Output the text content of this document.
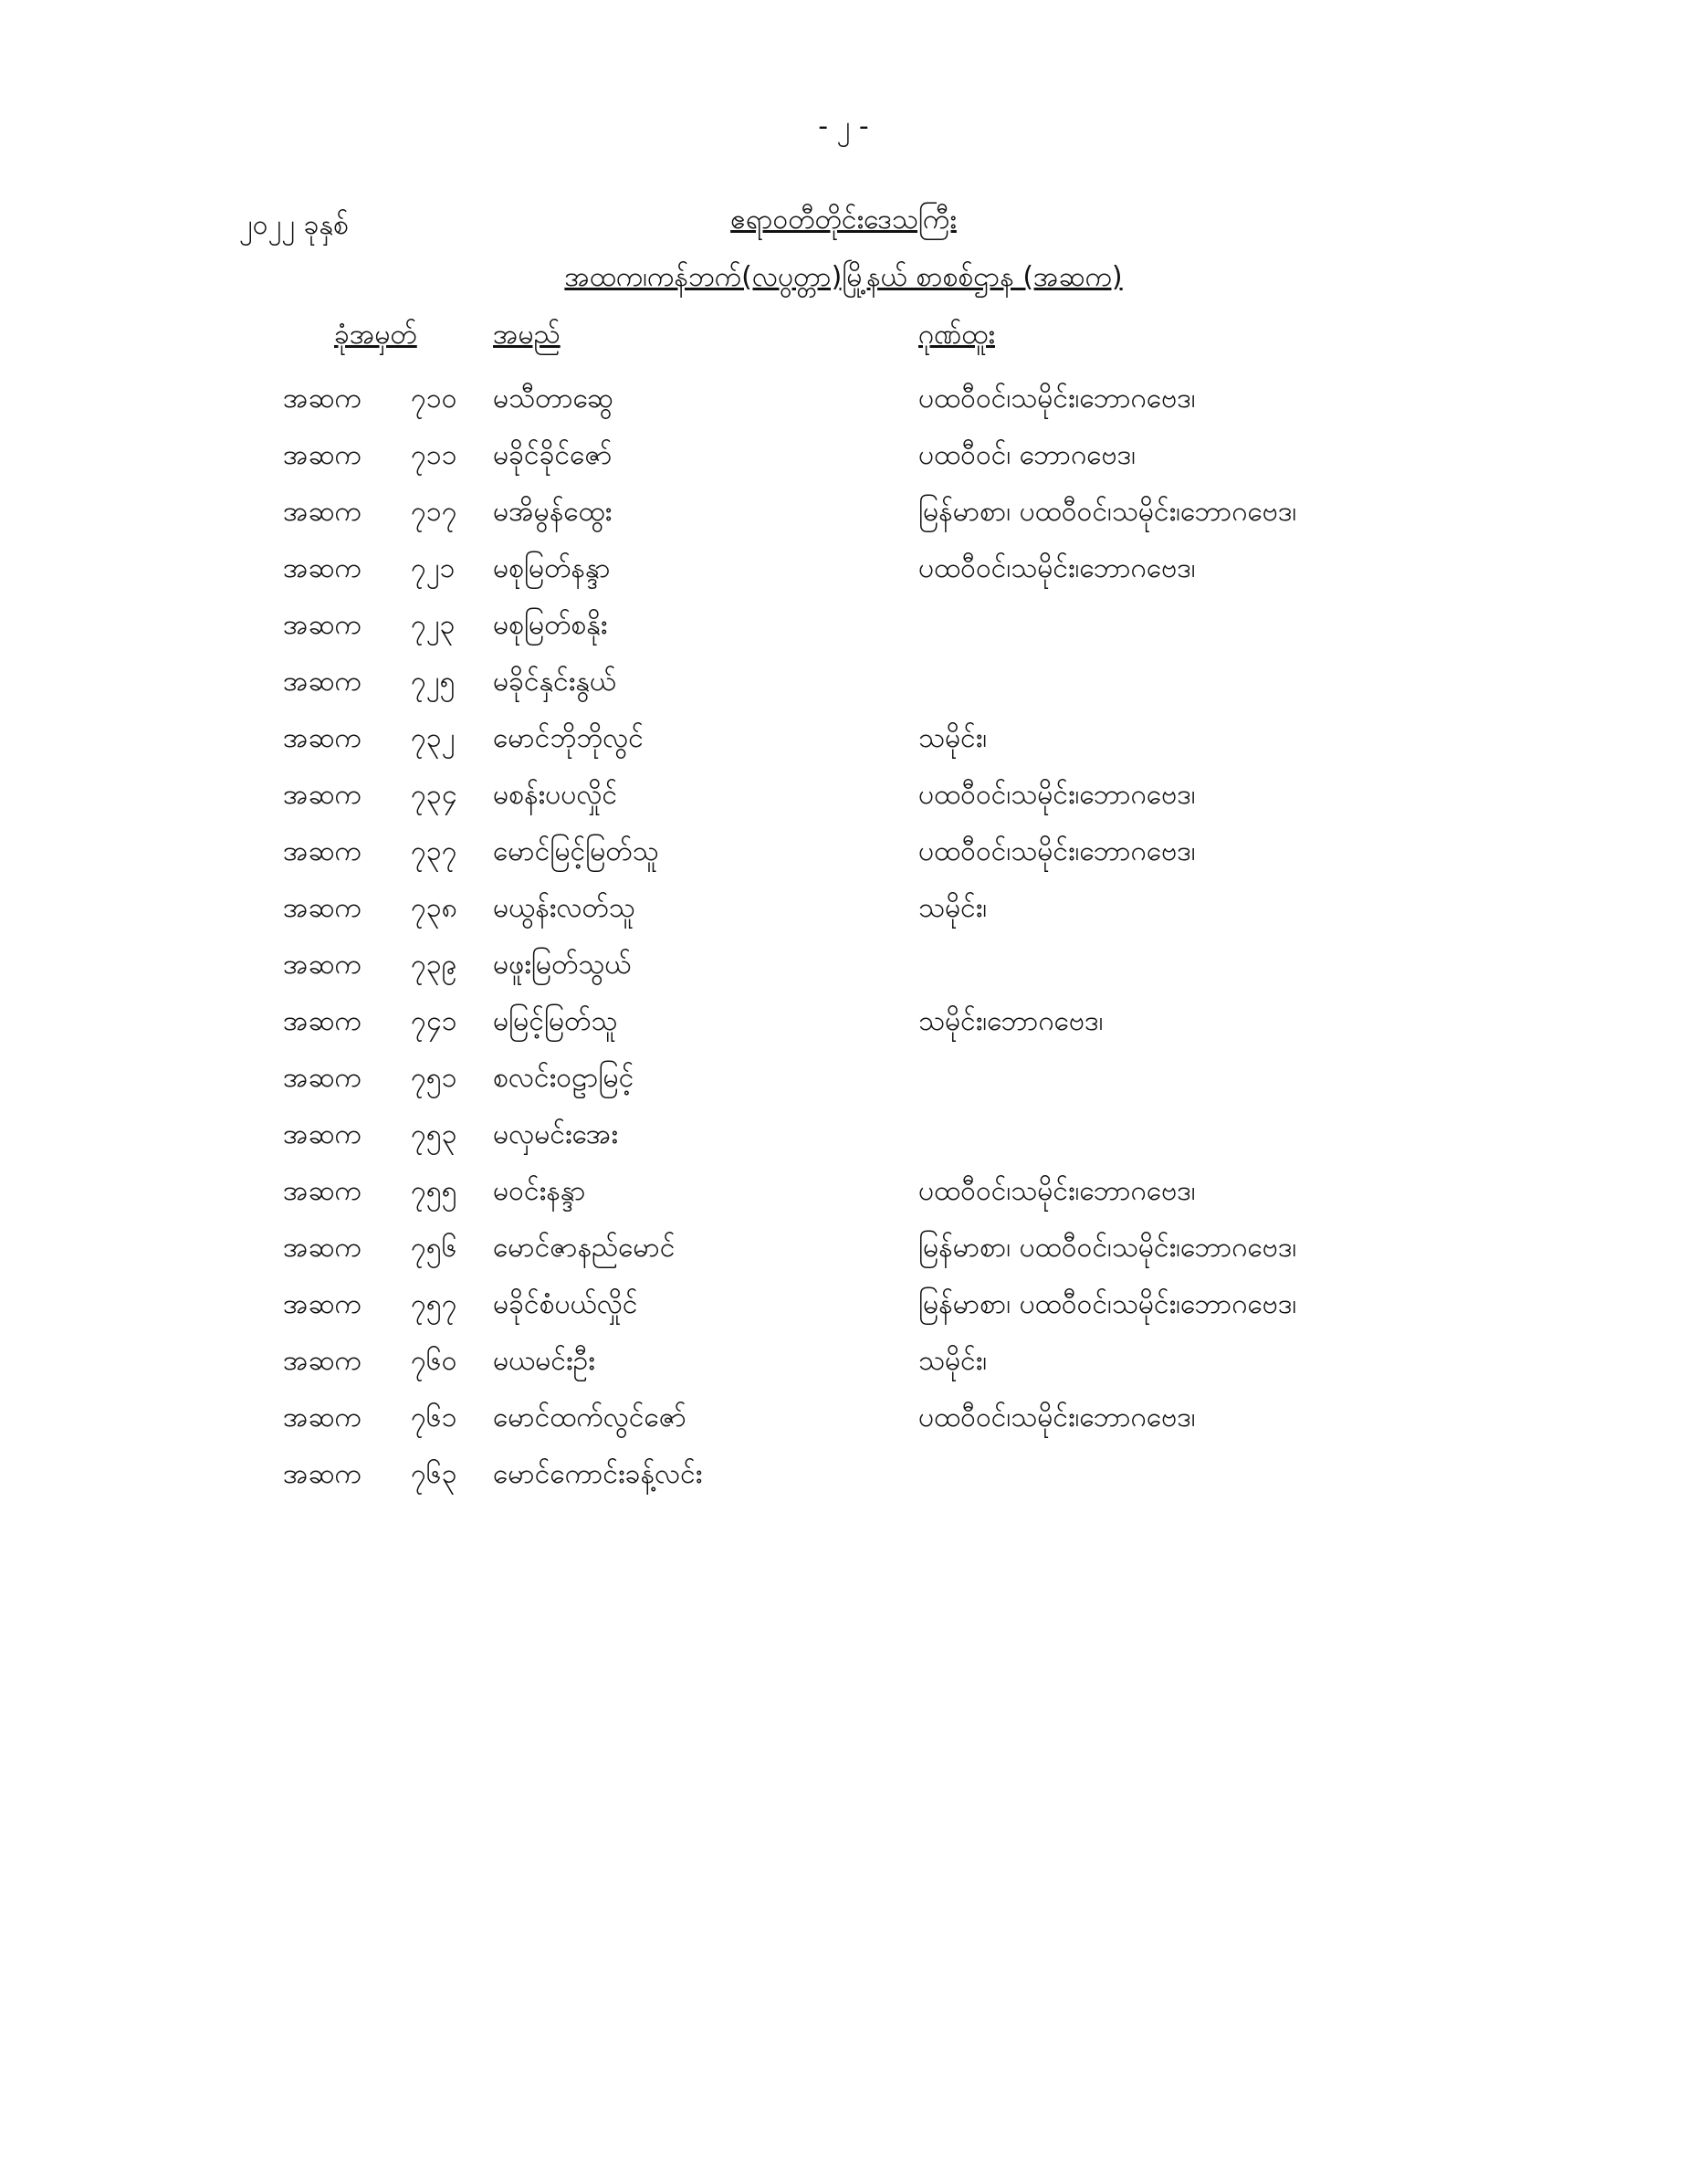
- ၂ -
၂၀၂၂ ခုနှစ်	ဧရာဝတီတိုင်းဒေသကြီး
အထက၊ကန်ဘက်(လပွတ္တာ)မြို့နယ် စာစစ်ဌာန (အဆက)
ခုံအမှတ်	အမည်	ဂုဏ်ထူး
အဆက ၇၁၀ မသီတာဆွေ	ပထဝီဝင်၊သမိုင်း၊ဘောဂဗေဒ၊
အဆက ၇၁၁ မခိုင်ခိုင်ဇော်	ပထဝီဝင်၊ ဘောဂဗေဒ၊
အဆက ၇၁၇ မအိမွန်ထွေး	မြန်မာစာ၊ ပထဝီဝင်၊သမိုင်း၊ဘောဂဗေဒ၊
အဆက ၇၂၁ မစုမြတ်နန္ဒာ	ပထဝီဝင်၊သမိုင်း၊ဘောဂဗေဒ၊
အဆက ၇၂၃ မစုမြတ်စနိုး
အဆက ၇၂၅ မခိုင်နှင်းနွယ်
အဆက ၇၃၂ မောင်ဘိုဘိုလွင်	သမိုင်း၊
အဆက ၇၃၄ မစန်းပပလှိုင်	ပထဝီဝင်၊သမိုင်း၊ဘောဂဗေဒ၊
အဆက ၇၃၇ မောင်မြင့်မြတ်သူ	ပထဝီဝင်၊သမိုင်း၊ဘောဂဗေဒ၊
အဆက ၇၃၈ မယွန်းလတ်သူ	သမိုင်း၊
အဆက ၇၃၉ မဖူးမြတ်သွယ်
အဆက ၇၄၁ မမြင့်မြတ်သူ	သမိုင်း၊ဘောဂဗေဒ၊
အဆက ၇၅၁ စလင်းဝဠာမြင့်
အဆက ၇၅၃ မလှမင်းအေး
အဆက ၇၅၅ မဝင်းနန္ဒာ	ပထဝီဝင်၊သမိုင်း၊ဘောဂဗေဒ၊
အဆက ၇၅၆ မောင်ဇာနည်မောင်	မြန်မာစာ၊ ပထဝီဝင်၊သမိုင်း၊ဘောဂဗေဒ၊
အဆက ၇၅၇ မခိုင်စံပယ်လှိုင်	မြန်မာစာ၊ ပထဝီဝင်၊သမိုင်း၊ဘောဂဗေဒ၊
အဆက ၇၆၀ မယမင်းဦး	သမိုင်း၊
အဆက ၇၆၁ မောင်ထက်လွင်ဇော်	ပထဝီဝင်၊သမိုင်း၊ဘောဂဗေဒ၊
အဆက ၇၆၃ မောင်ကောင်းခန့်လင်း
